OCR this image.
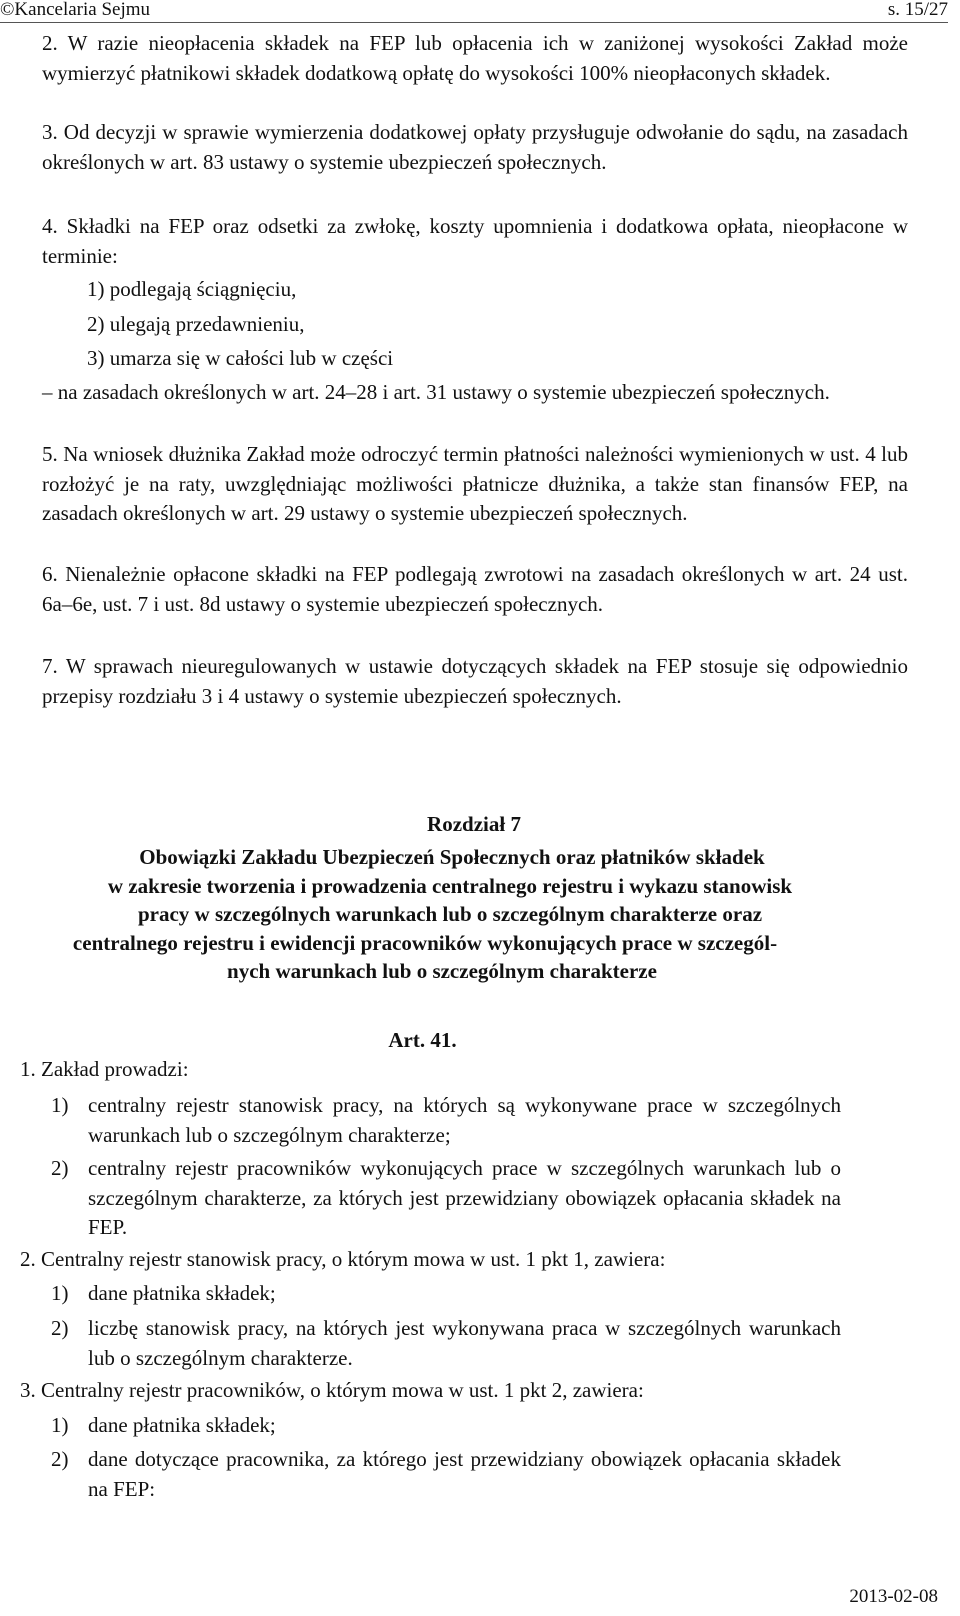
©Kancelaria Sejmu	s. 15/27

2. W razie nieopłacenia składek na FEP lub opłacenia ich w zaniżonej wysokości Zakład może wymierzyć płatnikowi składek dodatkową opłatę do wysokości 100% nieopłaconych składek.

3. Od decyzji w sprawie wymierzenia dodatkowej opłaty przysługuje odwołanie do sądu, na zasadach określonych w art. 83 ustawy o systemie ubezpieczeń społecznych.

4. Składki na FEP oraz odsetki za zwłokę, koszty upomnienia i dodatkowa opłata, nieopłacone w terminie:

1) podlegają ściągnięciu,

2) ulegają przedawnieniu,

3) umarza się w całości lub w części

– na zasadach określonych w art. 24–28 i art. 31 ustawy o systemie ubezpieczeń społecznych.

5. Na wniosek dłużnika Zakład może odroczyć termin płatności należności wymienionych w ust. 4 lub rozłożyć je na raty, uwzględniając możliwości płatnicze dłużnika, a także stan finansów FEP, na zasadach określonych w art. 29 ustawy o systemie ubezpieczeń społecznych.

6. Nienależnie opłacone składki na FEP podlegają zwrotowi na zasadach określonych w art. 24 ust. 6a–6e, ust. 7 i ust. 8d ustawy o systemie ubezpieczeń społecznych.

7. W sprawach nieuregulowanych w ustawie dotyczących składek na FEP stosuje się odpowiednio przepisy rozdziału 3 i 4 ustawy o systemie ubezpieczeń społecznych.

Rozdział 7
Obowiązki Zakładu Ubezpieczeń Społecznych oraz płatników składek
w zakresie tworzenia i prowadzenia centralnego rejestru i wykazu stanowisk
pracy w szczególnych warunkach lub o szczególnym charakterze oraz
centralnego rejestru i ewidencji pracowników wykonujących prace w szczegól-
nych warunkach lub o szczególnym charakterze
Art. 41.

1. Zakład prowadzi:

1) centralny rejestr stanowisk pracy, na których są wykonywane prace w szczególnych warunkach lub o szczególnym charakterze;
2) centralny rejestr pracowników wykonujących prace w szczególnych warunkach lub o szczególnym charakterze, za których jest przewidziany obowiązek opłacania składek na FEP.

2. Centralny rejestr stanowisk pracy, o którym mowa w ust. 1 pkt 1, zawiera:

1) dane płatnika składek;
2) liczbę stanowisk pracy, na których jest wykonywana praca w szczególnych warunkach lub o szczególnym charakterze.

3. Centralny rejestr pracowników, o którym mowa w ust. 1 pkt 2, zawiera:

1) dane płatnika składek;
2) dane dotyczące pracownika, za którego jest przewidziany obowiązek opłacania składek na FEP:
2013-02-08
